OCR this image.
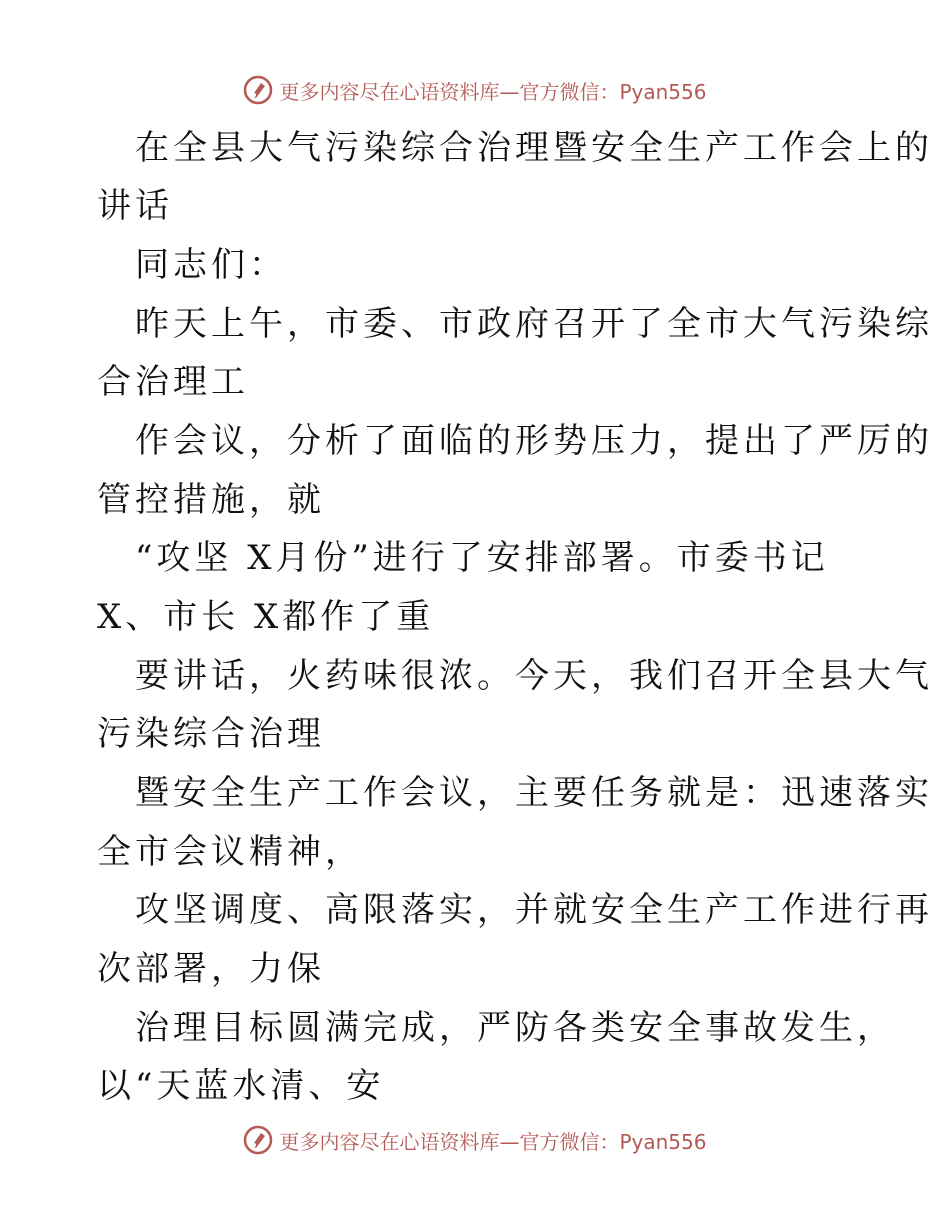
更多内容尽在心语资料库—官方微信：Pyan556
在全县大气污染综合治理暨安全生产工作会上的
讲话
同志们：
昨天上午，市委、市政府召开了全市大气污染综
合治理工
作会议，分析了面临的形势压力，提出了严厉的
管控措施，就
“攻坚 X月份”进行了安排部署。市委书记
X、市长 X都作了重
要讲话，火药味很浓。今天，我们召开全县大气
污染综合治理
暨安全生产工作会议，主要任务就是：迅速落实
全市会议精神，
攻坚调度、高限落实，并就安全生产工作进行再
次部署，力保
治理目标圆满完成，严防各类安全事故发生，
以“天蓝水清、安
更多内容尽在心语资料库—官方微信：Pyan556
